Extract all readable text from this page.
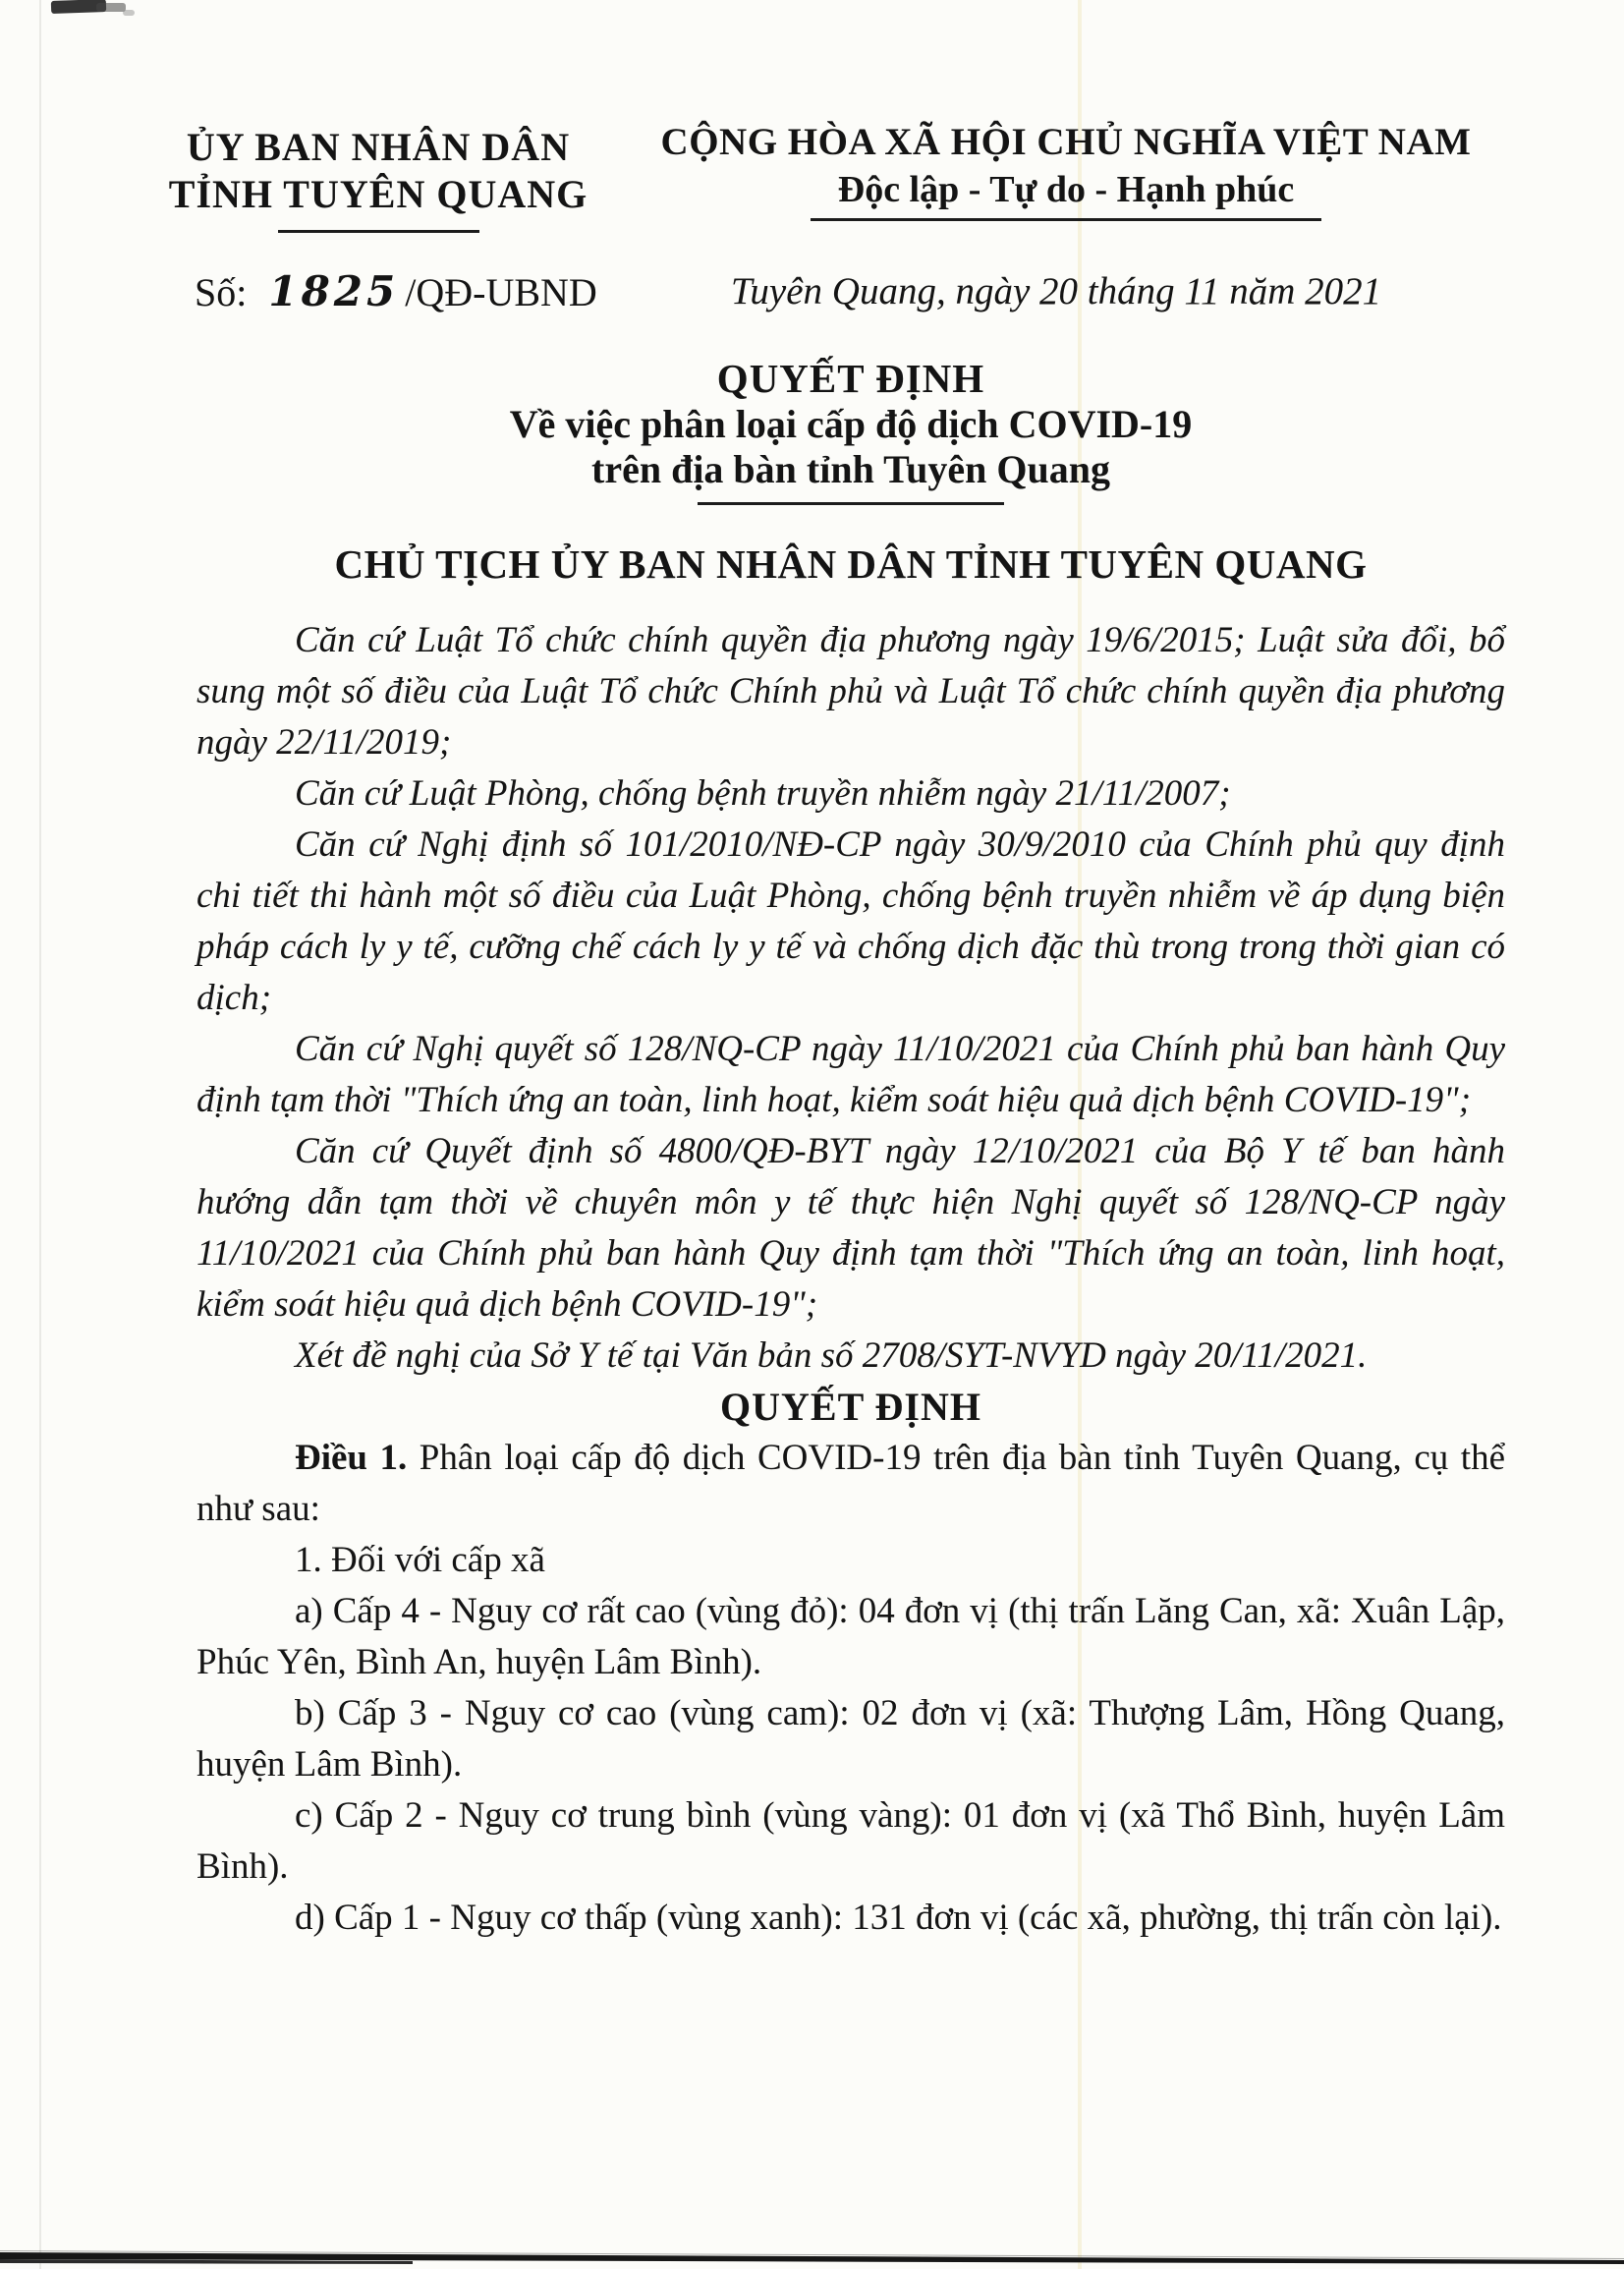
ỦY BAN NHÂN DÂN
TỈNH TUYÊN QUANG
CỘNG HÒA XÃ HỘI CHỦ NGHĨA VIỆT NAM
Độc lập - Tự do - Hạnh phúc
Số: 1825 /QĐ-UBND	Tuyên Quang, ngày 20 tháng 11 năm 2021
QUYẾT ĐỊNH
Về việc phân loại cấp độ dịch COVID-19
trên địa bàn tỉnh Tuyên Quang
CHỦ TỊCH ỦY BAN NHÂN DÂN TỈNH TUYÊN QUANG

Căn cứ Luật Tổ chức chính quyền địa phương ngày 19/6/2015; Luật sửa đổi, bổ sung một số điều của Luật Tổ chức Chính phủ và Luật Tổ chức chính quyền địa phương ngày 22/11/2019;

Căn cứ Luật Phòng, chống bệnh truyền nhiễm ngày 21/11/2007;

Căn cứ Nghị định số 101/2010/NĐ-CP ngày 30/9/2010 của Chính phủ quy định chi tiết thi hành một số điều của Luật Phòng, chống bệnh truyền nhiễm về áp dụng biện pháp cách ly y tế, cưỡng chế cách ly y tế và chống dịch đặc thù trong trong thời gian có dịch;

Căn cứ Nghị quyết số 128/NQ-CP ngày 11/10/2021 của Chính phủ ban hành Quy định tạm thời "Thích ứng an toàn, linh hoạt, kiểm soát hiệu quả dịch bệnh COVID-19";

Căn cứ Quyết định số 4800/QĐ-BYT ngày 12/10/2021 của Bộ Y tế ban hành hướng dẫn tạm thời về chuyên môn y tế thực hiện Nghị quyết số 128/NQ-CP ngày 11/10/2021 của Chính phủ ban hành Quy định tạm thời "Thích ứng an toàn, linh hoạt, kiểm soát hiệu quả dịch bệnh COVID-19";

Xét đề nghị của Sở Y tế tại Văn bản số 2708/SYT-NVYD ngày 20/11/2021.

QUYẾT ĐỊNH

Điều 1. Phân loại cấp độ dịch COVID-19 trên địa bàn tỉnh Tuyên Quang, cụ thể như sau:

1. Đối với cấp xã

a) Cấp 4 - Nguy cơ rất cao (vùng đỏ): 04 đơn vị (thị trấn Lăng Can, xã: Xuân Lập, Phúc Yên, Bình An, huyện Lâm Bình).

b) Cấp 3 - Nguy cơ cao (vùng cam): 02 đơn vị (xã: Thượng Lâm, Hồng Quang, huyện Lâm Bình).

c) Cấp 2 - Nguy cơ trung bình (vùng vàng): 01 đơn vị (xã Thổ Bình, huyện Lâm Bình).

d) Cấp 1 - Nguy cơ thấp (vùng xanh): 131 đơn vị (các xã, phường, thị trấn còn lại).
